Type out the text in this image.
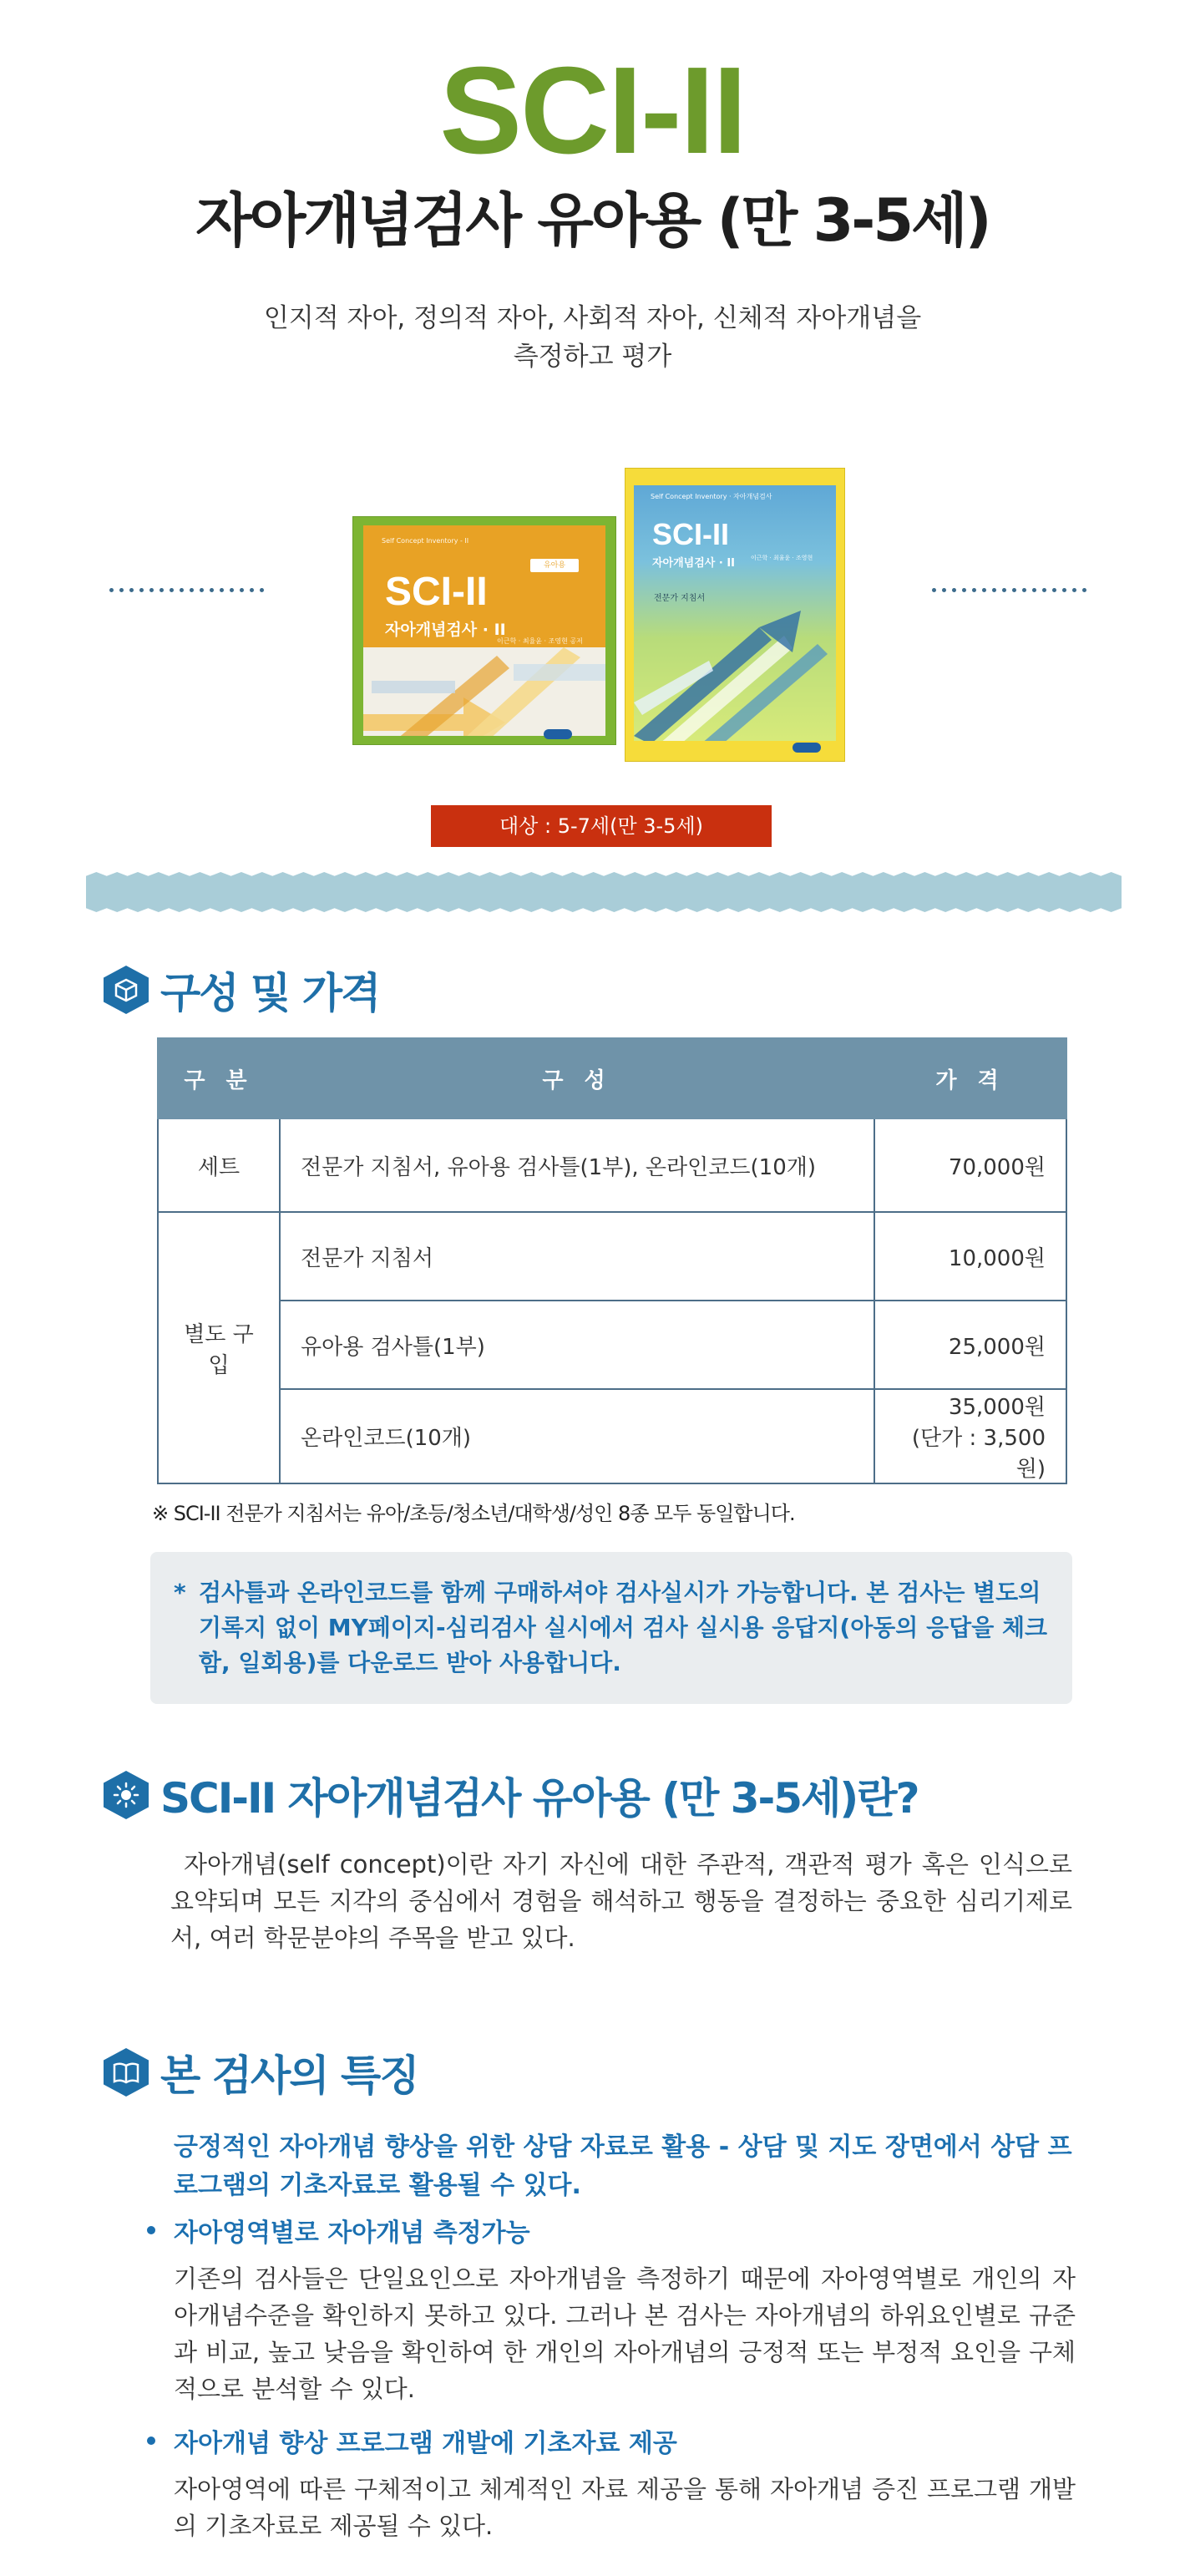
SCI-II
자아개념검사 유아용 (만 3-5세)
인지적 자아, 정의적 자아, 사회적 자아, 신체적 자아개념을
측정하고 평가
Self Concept Inventory - II
유아용
SCI-II
자아개념검사 · II
이근학 · 최율윤 · 조영현 공저
Self Concept Inventory · 자아개념검사
SCI-II
자아개념검사 · II	이근학 · 최율윤 · 조영현
전문가 지침서
대상 : 5-7세(만 3-5세)
구성 및 가격
구 분	구 성	가 격
세트	전문가 지침서, 유아용 검사틀(1부), 온라인코드(10개)	70,000원
별도 구입	전문가 지침서	10,000원
	유아용 검사틀(1부)	25,000원
	온라인코드(10개)	35,000원
(단가 : 3,500원)
※ SCI-II 전문가 지침서는 유아/초등/청소년/대학생/성인 8종 모두 동일합니다.

* 검사틀과 온라인코드를 함께 구매하셔야 검사실시가 가능합니다. 본 검사는 별도의 기록지 없이 MY페이지-심리검사 실시에서 검사 실시용 응답지(아동의 응답을 체크함, 일회용)를 다운로드 받아 사용합니다.

SCI-II 자아개념검사 유아용 (만 3-5세)란?
자아개념(self concept)이란 자기 자신에 대한 주관적, 객관적 평가 혹은 인식으로 요약되며 모든 지각의 중심에서 경험을 해석하고 행동을 결정하는 중요한 심리기제로서, 여러 학문분야의 주목을 받고 있다.
본 검사의 특징
긍정적인 자아개념 향상을 위한 상담 자료로 활용 - 상담 및 지도 장면에서 상담 프로그램의 기초자료로 활용될 수 있다.
자아영역별로 자아개념 측정가능
기존의 검사들은 단일요인으로 자아개념을 측정하기 때문에 자아영역별로 개인의 자아개념수준을 확인하지 못하고 있다. 그러나 본 검사는 자아개념의 하위요인별로 규준과 비교, 높고 낮음을 확인하여 한 개인의 자아개념의 긍정적 또는 부정적 요인을 구체적으로 분석할 수 있다.
자아개념 향상 프로그램 개발에 기초자료 제공
자아영역에 따른 구체적이고 체계적인 자료 제공을 통해 자아개념 증진 프로그램 개발의 기초자료로 제공될 수 있다.
